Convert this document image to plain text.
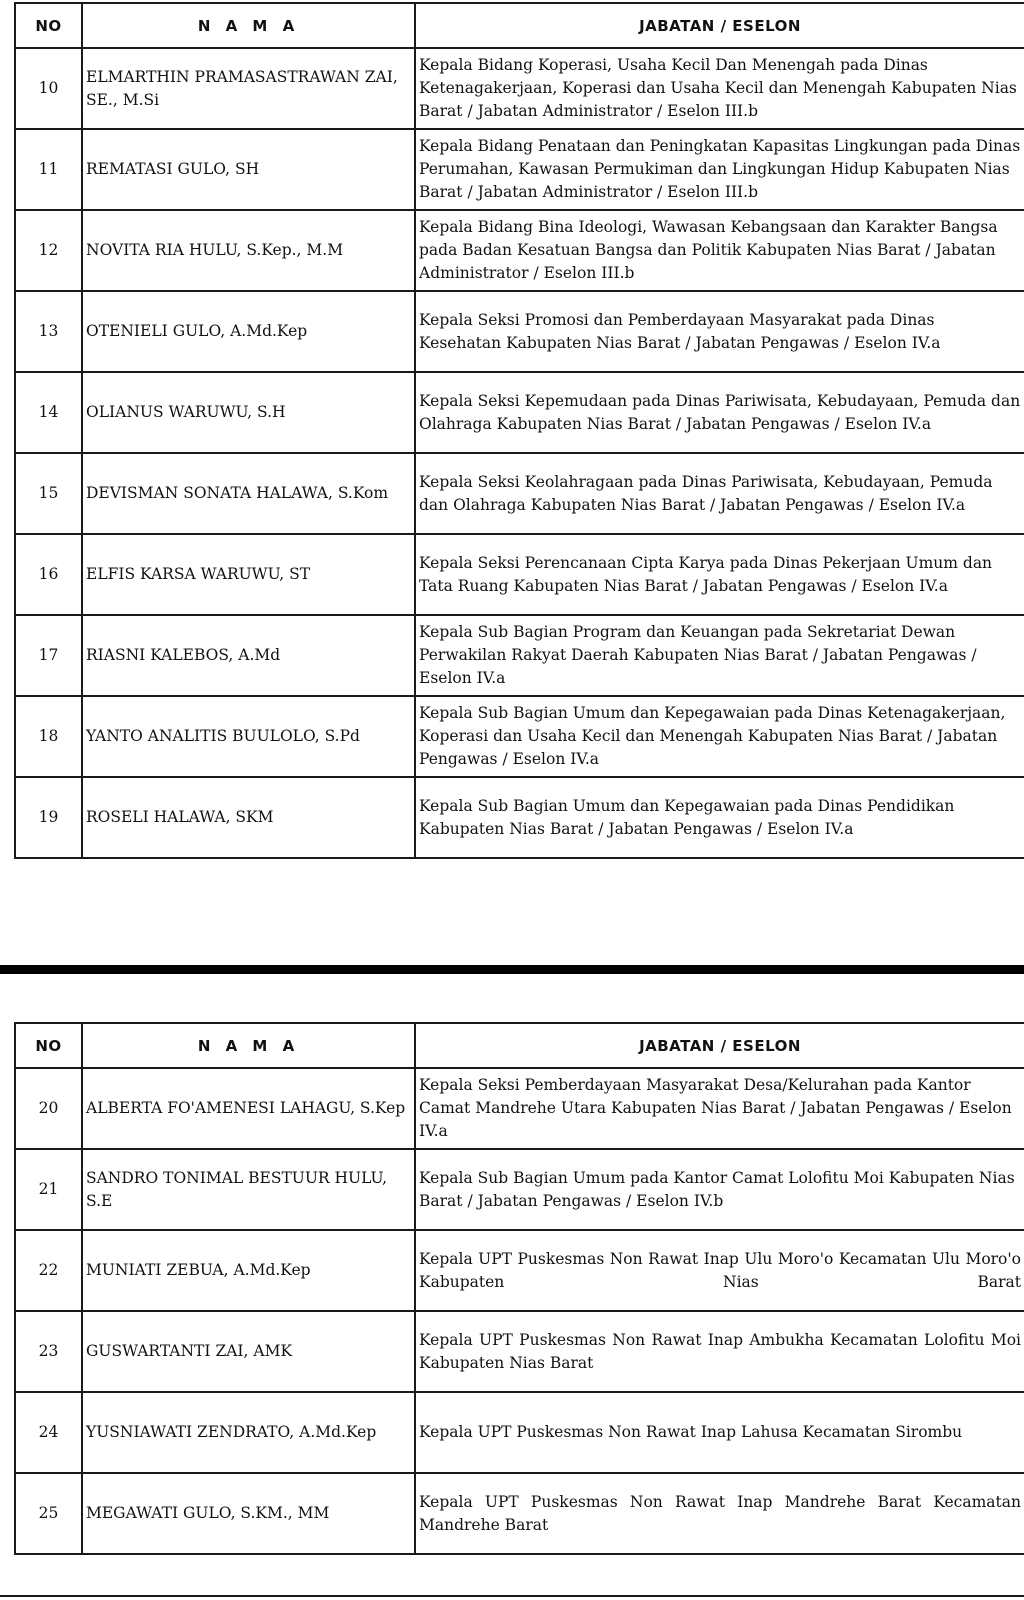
NO	N A M A	JABATAN / ESELON
10	ELMARTHIN PRAMASASTRAWAN ZAI, SE., M.Si	Kepala Bidang Koperasi, Usaha Kecil Dan Menengah pada Dinas Ketenagakerjaan, Koperasi dan Usaha Kecil dan Menengah Kabupaten Nias Barat / Jabatan Administrator / Eselon III.b
11	REMATASI GULO, SH	Kepala Bidang Penataan dan Peningkatan Kapasitas Lingkungan pada Dinas Perumahan, Kawasan Permukiman dan Lingkungan Hidup Kabupaten Nias Barat / Jabatan Administrator / Eselon III.b
12	NOVITA RIA HULU, S.Kep., M.M	Kepala Bidang Bina Ideologi, Wawasan Kebangsaan dan Karakter Bangsa pada Badan Kesatuan Bangsa dan Politik Kabupaten Nias Barat / Jabatan Administrator / Eselon III.b
13	OTENIELI GULO, A.Md.Kep	Kepala Seksi Promosi dan Pemberdayaan Masyarakat pada Dinas Kesehatan Kabupaten Nias Barat / Jabatan Pengawas / Eselon IV.a
14	OLIANUS WARUWU, S.H	Kepala Seksi Kepemudaan pada Dinas Pariwisata, Kebudayaan, Pemuda dan Olahraga Kabupaten Nias Barat / Jabatan Pengawas / Eselon IV.a
15	DEVISMAN SONATA HALAWA, S.Kom	Kepala Seksi Keolahragaan pada Dinas Pariwisata, Kebudayaan, Pemuda dan Olahraga Kabupaten Nias Barat / Jabatan Pengawas / Eselon IV.a
16	ELFIS KARSA WARUWU, ST	Kepala Seksi Perencanaan Cipta Karya pada Dinas Pekerjaan Umum dan Tata Ruang Kabupaten Nias Barat / Jabatan Pengawas / Eselon IV.a
17	RIASNI KALEBOS, A.Md	Kepala Sub Bagian Program dan Keuangan pada Sekretariat Dewan Perwakilan Rakyat Daerah Kabupaten Nias Barat / Jabatan Pengawas / Eselon IV.a
18	YANTO ANALITIS BUULOLO, S.Pd	Kepala Sub Bagian Umum dan Kepegawaian pada Dinas Ketenagakerjaan, Koperasi dan Usaha Kecil dan Menengah Kabupaten Nias Barat / Jabatan Pengawas / Eselon IV.a
19	ROSELI HALAWA, SKM	Kepala Sub Bagian Umum dan Kepegawaian pada Dinas Pendidikan Kabupaten Nias Barat / Jabatan Pengawas / Eselon IV.a
NO	N A M A	JABATAN / ESELON
20	ALBERTA FO'AMENESI LAHAGU, S.Kep	Kepala Seksi Pemberdayaan Masyarakat Desa/Kelurahan pada Kantor Camat Mandrehe Utara Kabupaten Nias Barat / Jabatan Pengawas / Eselon IV.a
21	SANDRO TONIMAL BESTUUR HULU, S.E	Kepala Sub Bagian Umum pada Kantor Camat Lolofitu Moi Kabupaten Nias Barat / Jabatan Pengawas / Eselon IV.b
22	MUNIATI ZEBUA, A.Md.Kep	Kepala UPT Puskesmas Non Rawat Inap Ulu Moro'o Kecamatan Ulu Moro'o Kabupaten Nias Barat
23	GUSWARTANTI ZAI, AMK	Kepala UPT Puskesmas Non Rawat Inap Ambukha Kecamatan Lolofitu Moi Kabupaten Nias Barat
24	YUSNIAWATI ZENDRATO, A.Md.Kep	Kepala UPT Puskesmas Non Rawat Inap Lahusa Kecamatan Sirombu
25	MEGAWATI GULO, S.KM., MM	Kepala UPT Puskesmas Non Rawat Inap Mandrehe Barat Kecamatan Mandrehe Barat
